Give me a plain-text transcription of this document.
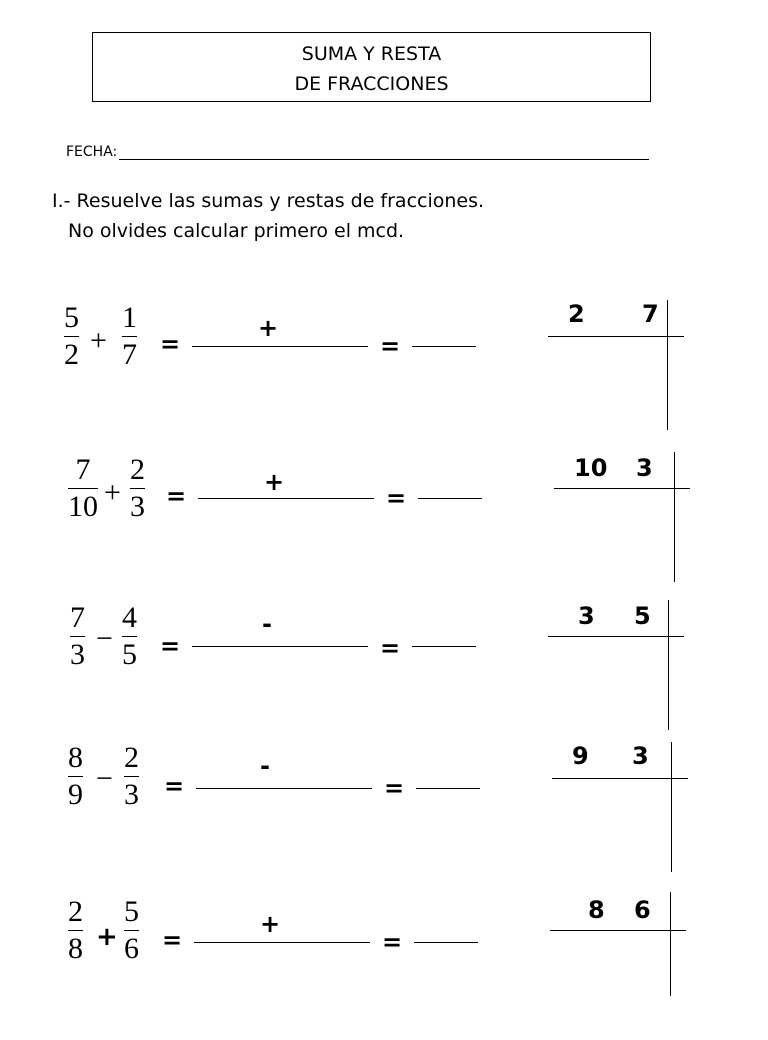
SUMA Y RESTA
DE FRACCIONES
FECHA:
I.- Resuelve las sumas y restas de fracciones.
No olvides calcular primero el mcd.
5
2 +
1
7 =
+
=
2 7
7
10 +
2
3 =	+
=
10 3
7
3 −
4
5 =
-
=
3 5
8
9 −
2
3 =
-
=
9 3
2
8 +
5
6 =
+
=
8 6
